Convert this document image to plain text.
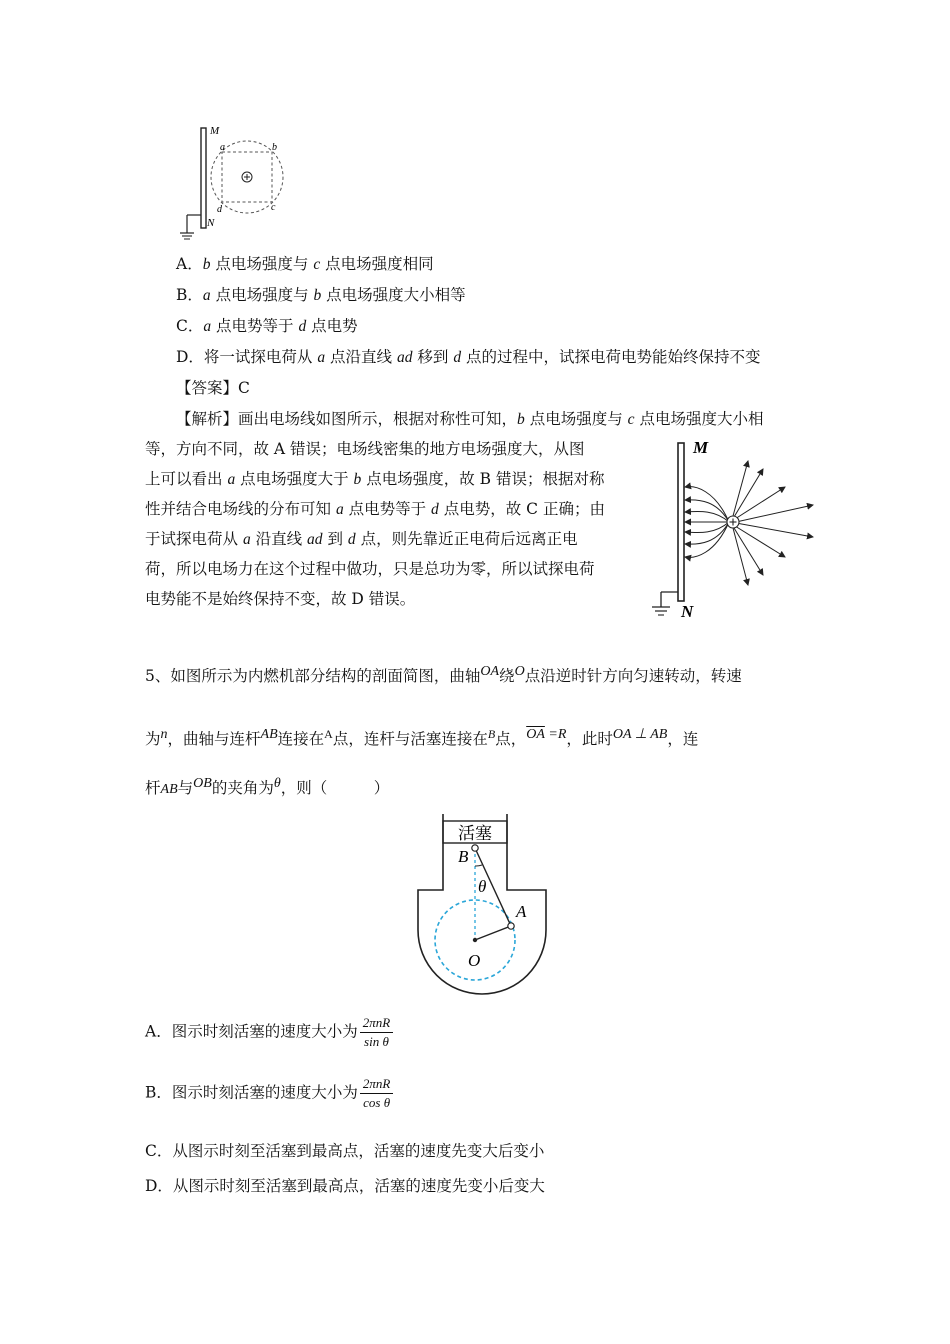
M
a	b
d	c
N
A．b 点电场强度与 c 点电场强度相同
B．a 点电场强度与 b 点电场强度大小相等
C．a 点电势等于 d 点电势
D．将一试探电荷从 a 点沿直线 ad 移到 d 点的过程中，试探电荷电势能始终保持不变
【答案】C
【解析】画出电场线如图所示，根据对称性可知，b 点电场强度与 c 点电场强度大小相
等，方向不同，故 A 错误；电场线密集的地方电场强度大，从图
上可以看出 a 点电场强度大于 b 点电场强度，故 B 错误；根据对称
性并结合电场线的分布可知 a 点电势等于 d 点电势，故 C 正确；由
于试探电荷从 a 沿直线 ad 到 d 点，则先靠近正电荷后远离正电
荷，所以电场力在这个过程中做功，只是总功为零，所以试探电荷
电势能不是始终保持不变，故 D 错误。
M
N
5、如图所示为内燃机部分结构的剖面简图，曲轴OA绕O点沿逆时针方向匀速转动，转速
为n，曲轴与连杆AB连接在$^A$点，连杆与活塞连接在$^B$点，$\overline{OA} =R$，此时OA ⊥ AB，连
杆AB与OB的夹角为θ，则（　　　）
活塞
B
θ
A
O
A．图示时刻活塞的速度大小为 $\frac{\text{2πnR}}{\text{sin θ}}$
B．图示时刻活塞的速度大小为 $\frac{\text{2πnR}}{\text{cos θ}}$
C．从图示时刻至活塞到最高点，活塞的速度先变大后变小
D．从图示时刻至活塞到最高点，活塞的速度先变小后变大
